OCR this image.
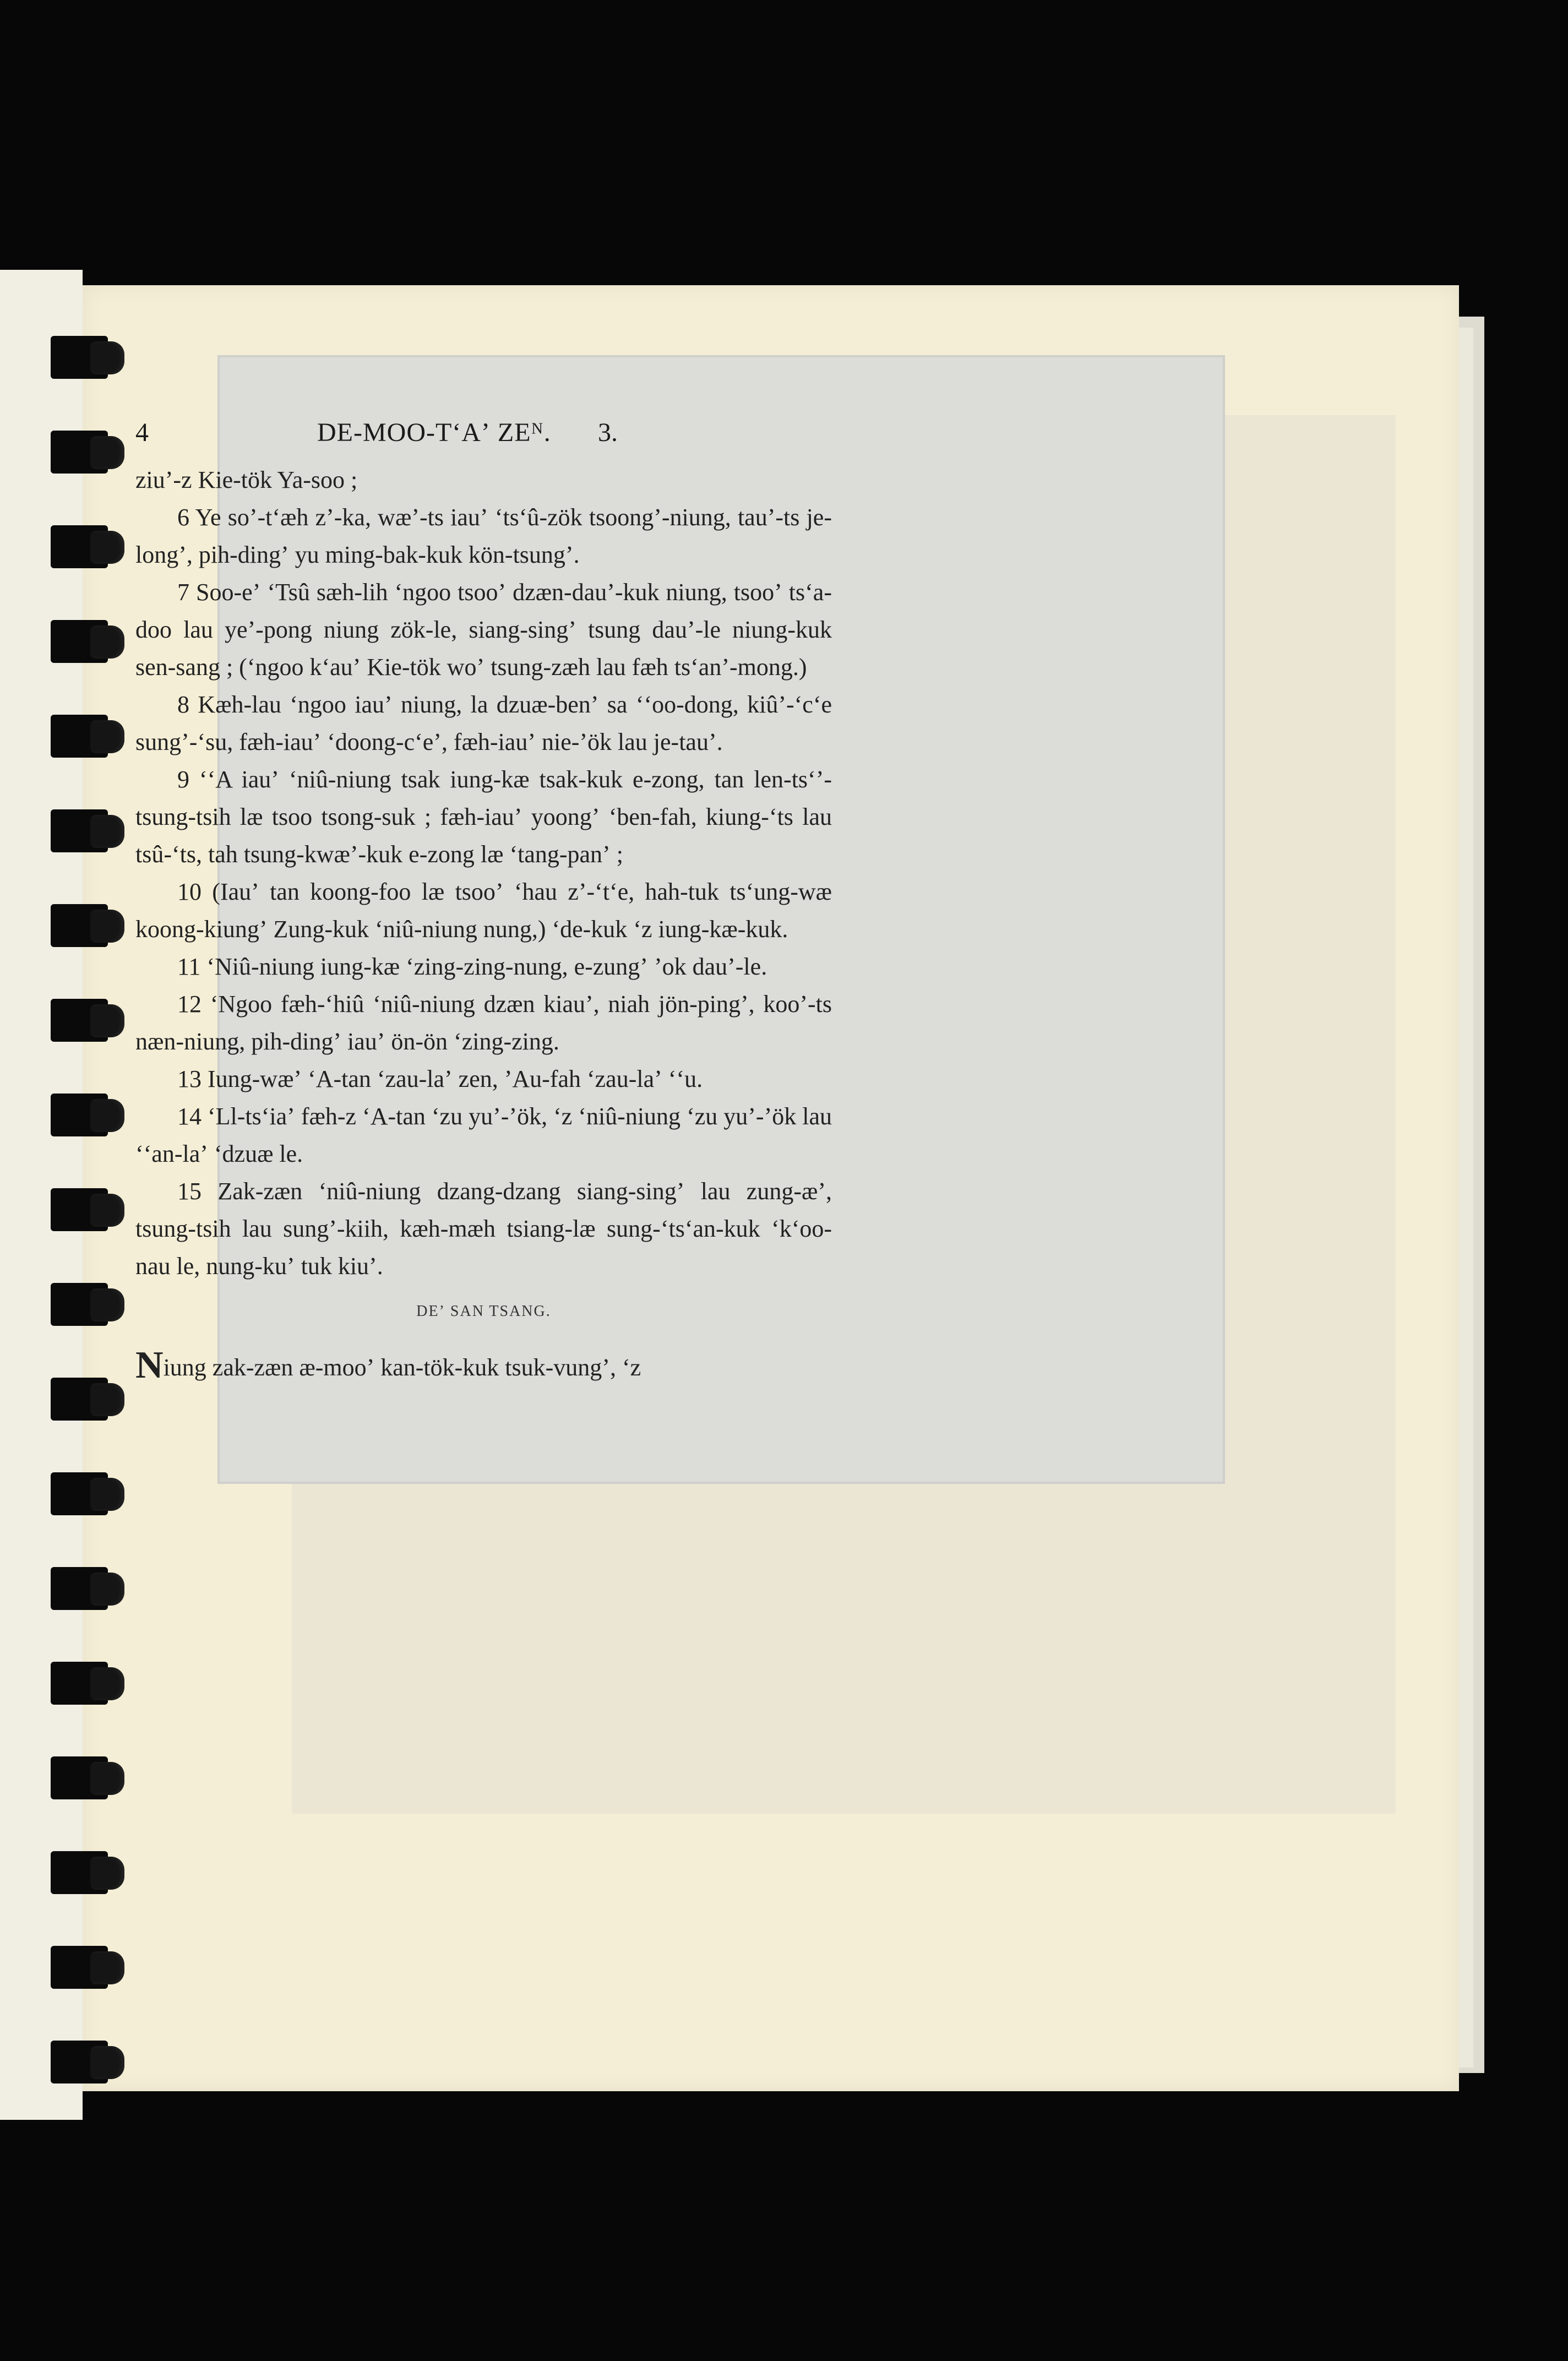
4	DE-MOO-TʻAʼ ZEᴺ. 3.

ziuʼ-z Kie-tök Ya-soo ;

6 Ye soʼ-tʻæh zʼ-ka, wæʼ-ts iauʼ ʻtsʻû-zök tsoongʼ-niung, tauʼ-ts je-longʼ, pih-dingʼ yu ming-bak-kuk kön-tsungʼ.

7 Soo-eʼ ʻTsû sæh-lih ʻngoo tsooʼ dzæn-dauʼ-kuk niung, tsooʼ tsʻa-doo lau yeʼ-pong niung zök-le, siang-singʼ tsung dauʼ-le niung-kuk sen-sang ; (ʻngoo kʻauʼ Kie-tök woʼ tsung-zæh lau fæh tsʻanʼ-mong.)

8 Kæh-lau ʻngoo iauʼ niung, la dzuæ-benʼ sa ʻʻoo-dong, kiûʼ-ʻcʻe sungʼ-ʻsu, fæh-iauʼ ʻdoong-cʻeʼ, fæh-iauʼ nie-ʼök lau je-tauʼ.

9 ʻʻA iauʼ ʻniû-niung tsak iung-kæ tsak-kuk e-zong, tan len-tsʻʼ-tsung-tsih læ tsoo tsong-suk ; fæh-iauʼ yoongʼ ʻben-fah, kiung-ʻts lau tsû-ʻts, tah tsung-kwæʼ-kuk e-zong læ ʻtang-panʼ ;

10 (Iauʼ tan koong-foo læ tsooʼ ʻhau zʼ-ʻtʻe, hah-tuk tsʻung-wæ koong-kiungʼ Zung-kuk ʻniû-niung nung,) ʻde-kuk ʻz iung-kæ-kuk.

11 ʻNiû-niung iung-kæ ʻzing-zing-nung, e-zungʼ ʼok dauʼ-le.

12 ʻNgoo fæh-ʻhiû ʻniû-niung dzæn kiauʼ, niah jön-pingʼ, kooʼ-ts næn-niung, pih-dingʼ iauʼ ön-ön ʻzing-zing.

13 Iung-wæʼ ʻA-tan ʻzau-laʼ zen, ʼAu-fah ʻzau-laʼ ʻʻu.

14 ʻLl-tsʻiaʼ fæh-z ʻA-tan ʻzu yuʼ-ʼök, ʻz ʻniû-niung ʻzu yuʼ-ʼök lau ʻʻan-laʼ ʻdzuæ le.

15 Zak-zæn ʻniû-niung dzang-dzang siang-singʼ lau zung-æʼ, tsung-tsih lau sungʼ-kiih, kæh-mæh tsiang-læ sung-ʻtsʻan-kuk ʻkʻoo-nau le, nung-kuʼ tuk kiuʼ.

DEʼ SAN TSANG.

Niung zak-zæn æ-mooʼ kan-tök-kuk tsuk-vungʼ, ʻz
